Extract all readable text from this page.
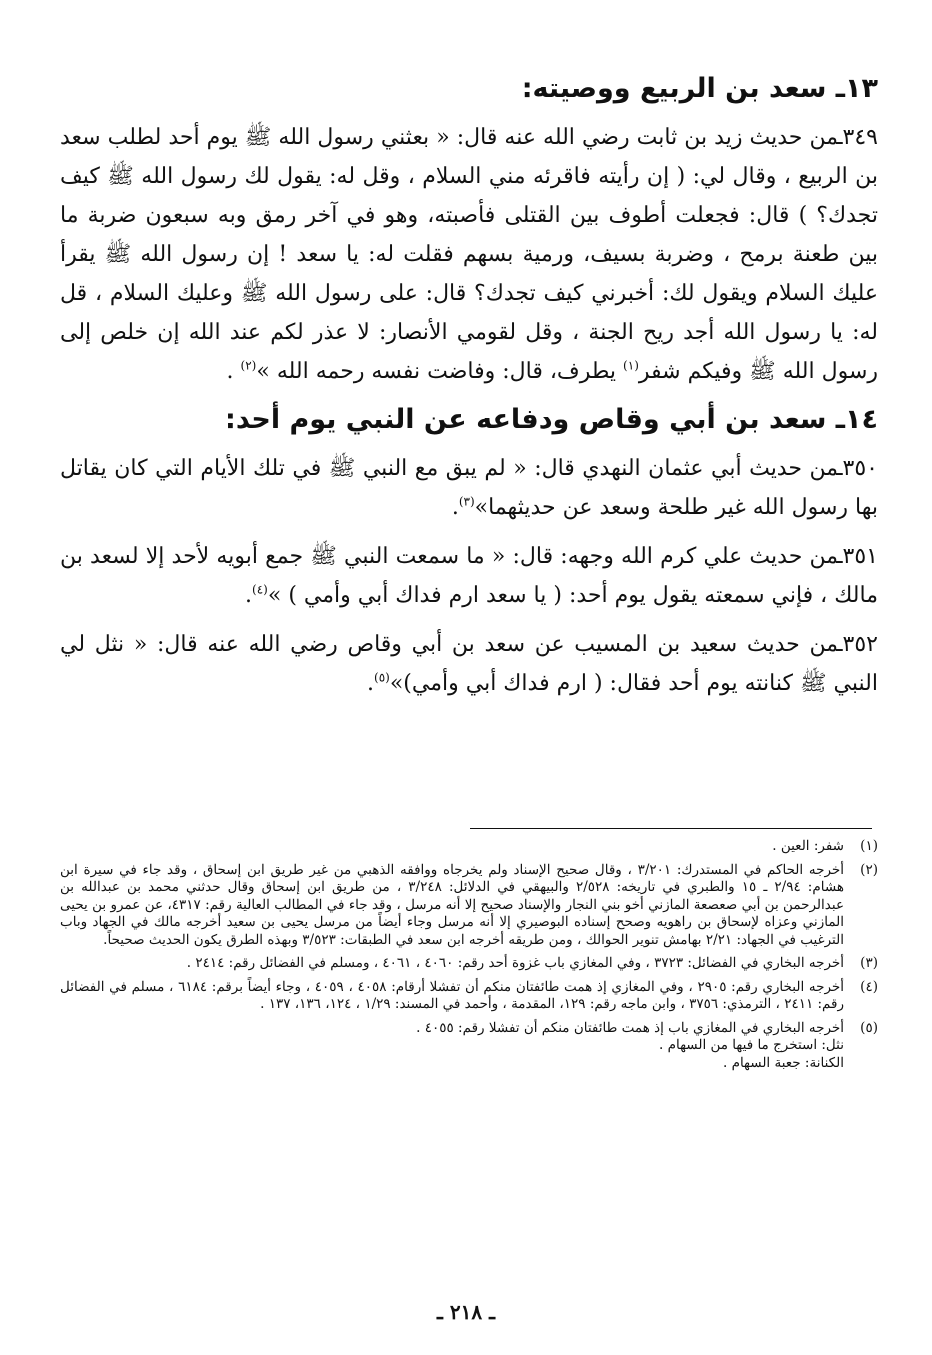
١٣ـ سعد بن الربيع ووصيته:

٣٤٩ـمن حديث زيد بن ثابت رضي الله عنه قال: « بعثني رسول الله ﷺ يوم أحد لطلب سعد بن الربيع ، وقال لي: ( إن رأيته فاقرئه مني السلام ، وقل له: يقول لك رسول الله ﷺ كيف تجدك؟ ) قال: فجعلت أطوف بين القتلى فأصبته، وهو في آخر رمق وبه سبعون ضربة ما بين طعنة برمح ، وضربة بسيف، ورمية بسهم فقلت له: يا سعد ! إن رسول الله ﷺ يقرأ عليك السلام ويقول لك: أخبرني كيف تجدك؟ قال: على رسول الله ﷺ وعليك السلام ، قل له: يا رسول الله أجد ريح الجنة ، وقل لقومي الأنصار: لا عذر لكم عند الله إن خلص إلى رسول الله ﷺ وفيكم شفر$^{(١)}$ يطرف، قال: وفاضت نفسه رحمه الله »$^{(٢)}$ .

١٤ـ سعد بن أبي وقاص ودفاعه عن النبي يوم أحد:

٣٥٠ـمن حديث أبي عثمان النهدي قال: « لم يبق مع النبي ﷺ في تلك الأيام التي كان يقاتل بها رسول الله غير طلحة وسعد عن حديثهما»$^{(٣)}$.

٣٥١ـمن حديث علي كرم الله وجهه: قال: « ما سمعت النبي ﷺ جمع أبويه لأحد إلا لسعد بن مالك ، فإني سمعته يقول يوم أحد: ( يا سعد ارم فداك أبي وأمي ) »$^{(٤)}$.

٣٥٢ـمن حديث سعيد بن المسيب عن سعد بن أبي وقاص رضي الله عنه قال: « نثل لي النبي ﷺ كنانته يوم أحد فقال: ( ارم فداك أبي وأمي)»$^{(٥)}$.

(١)
شفر: العين .
(٢)
أخرجه الحاكم في المستدرك: ٣/٢٠١ ، وقال صحيح الإسناد ولم يخرجاه ووافقه الذهبي من غير طريق ابن إسحاق ، وقد جاء في سيرة ابن هشام: ٢/٩٤ ـ ١٥ والطبري في تاريخه: ٢/٥٢٨ والبيهقي في الدلائل: ٣/٢٤٨ ، من طريق ابن إسحاق وقال حدثني محمد بن عبدالله بن عبدالرحمن بن أبي صعصعة المازني أخو بني النجار والإسناد صحيح إلا أنه مرسل ، وقد جاء في المطالب العالية رقم: ٤٣١٧، عن عمرو بن يحيى المازني وعزاه لإسحاق بن راهويه وصحح إسناده البوصيري إلا أنه مرسل وجاء أيضاً من مرسل يحيى بن سعيد أخرجه مالك في الجهاد وباب الترغيب في الجهاد: ٢/٢١ بهامش تنوير الحوالك ، ومن طريقه أخرجه ابن سعد في الطبقات: ٣/٥٢٣ وبهذه الطرق يكون الحديث صحيحاً.
(٣)
أخرجه البخاري في الفضائل: ٣٧٢٣ ، وفي المغازي باب غزوة أحد رقم: ٤٠٦٠ ، ٤٠٦١ ، ومسلم في الفضائل رقم: ٢٤١٤ .
(٤)
أخرجه البخاري رقم: ٢٩٠٥ ، وفي المغازي إذ همت طائفتان منكم أن تفشلا أرقام: ٤٠٥٨ ، ٤٠٥٩ ، وجاء أيضاً برقم: ٦١٨٤ ، مسلم في الفضائل رقم: ٢٤١١ ، الترمذي: ٣٧٥٦ ، وابن ماجه رقم: ١٢٩، المقدمة ، وأحمد في المسند: ١/٢٩ ، ١٢٤، ١٣٦، ١٣٧ .
(٥)
أخرجه البخاري في المغازي باب إذ همت طائفتان منكم أن تفشلا رقم: ٤٠٥٥ .
نثل: استخرج ما فيها من السهام .
الكنانة: جعبة السهام .
ـ ٢١٨ ـ
